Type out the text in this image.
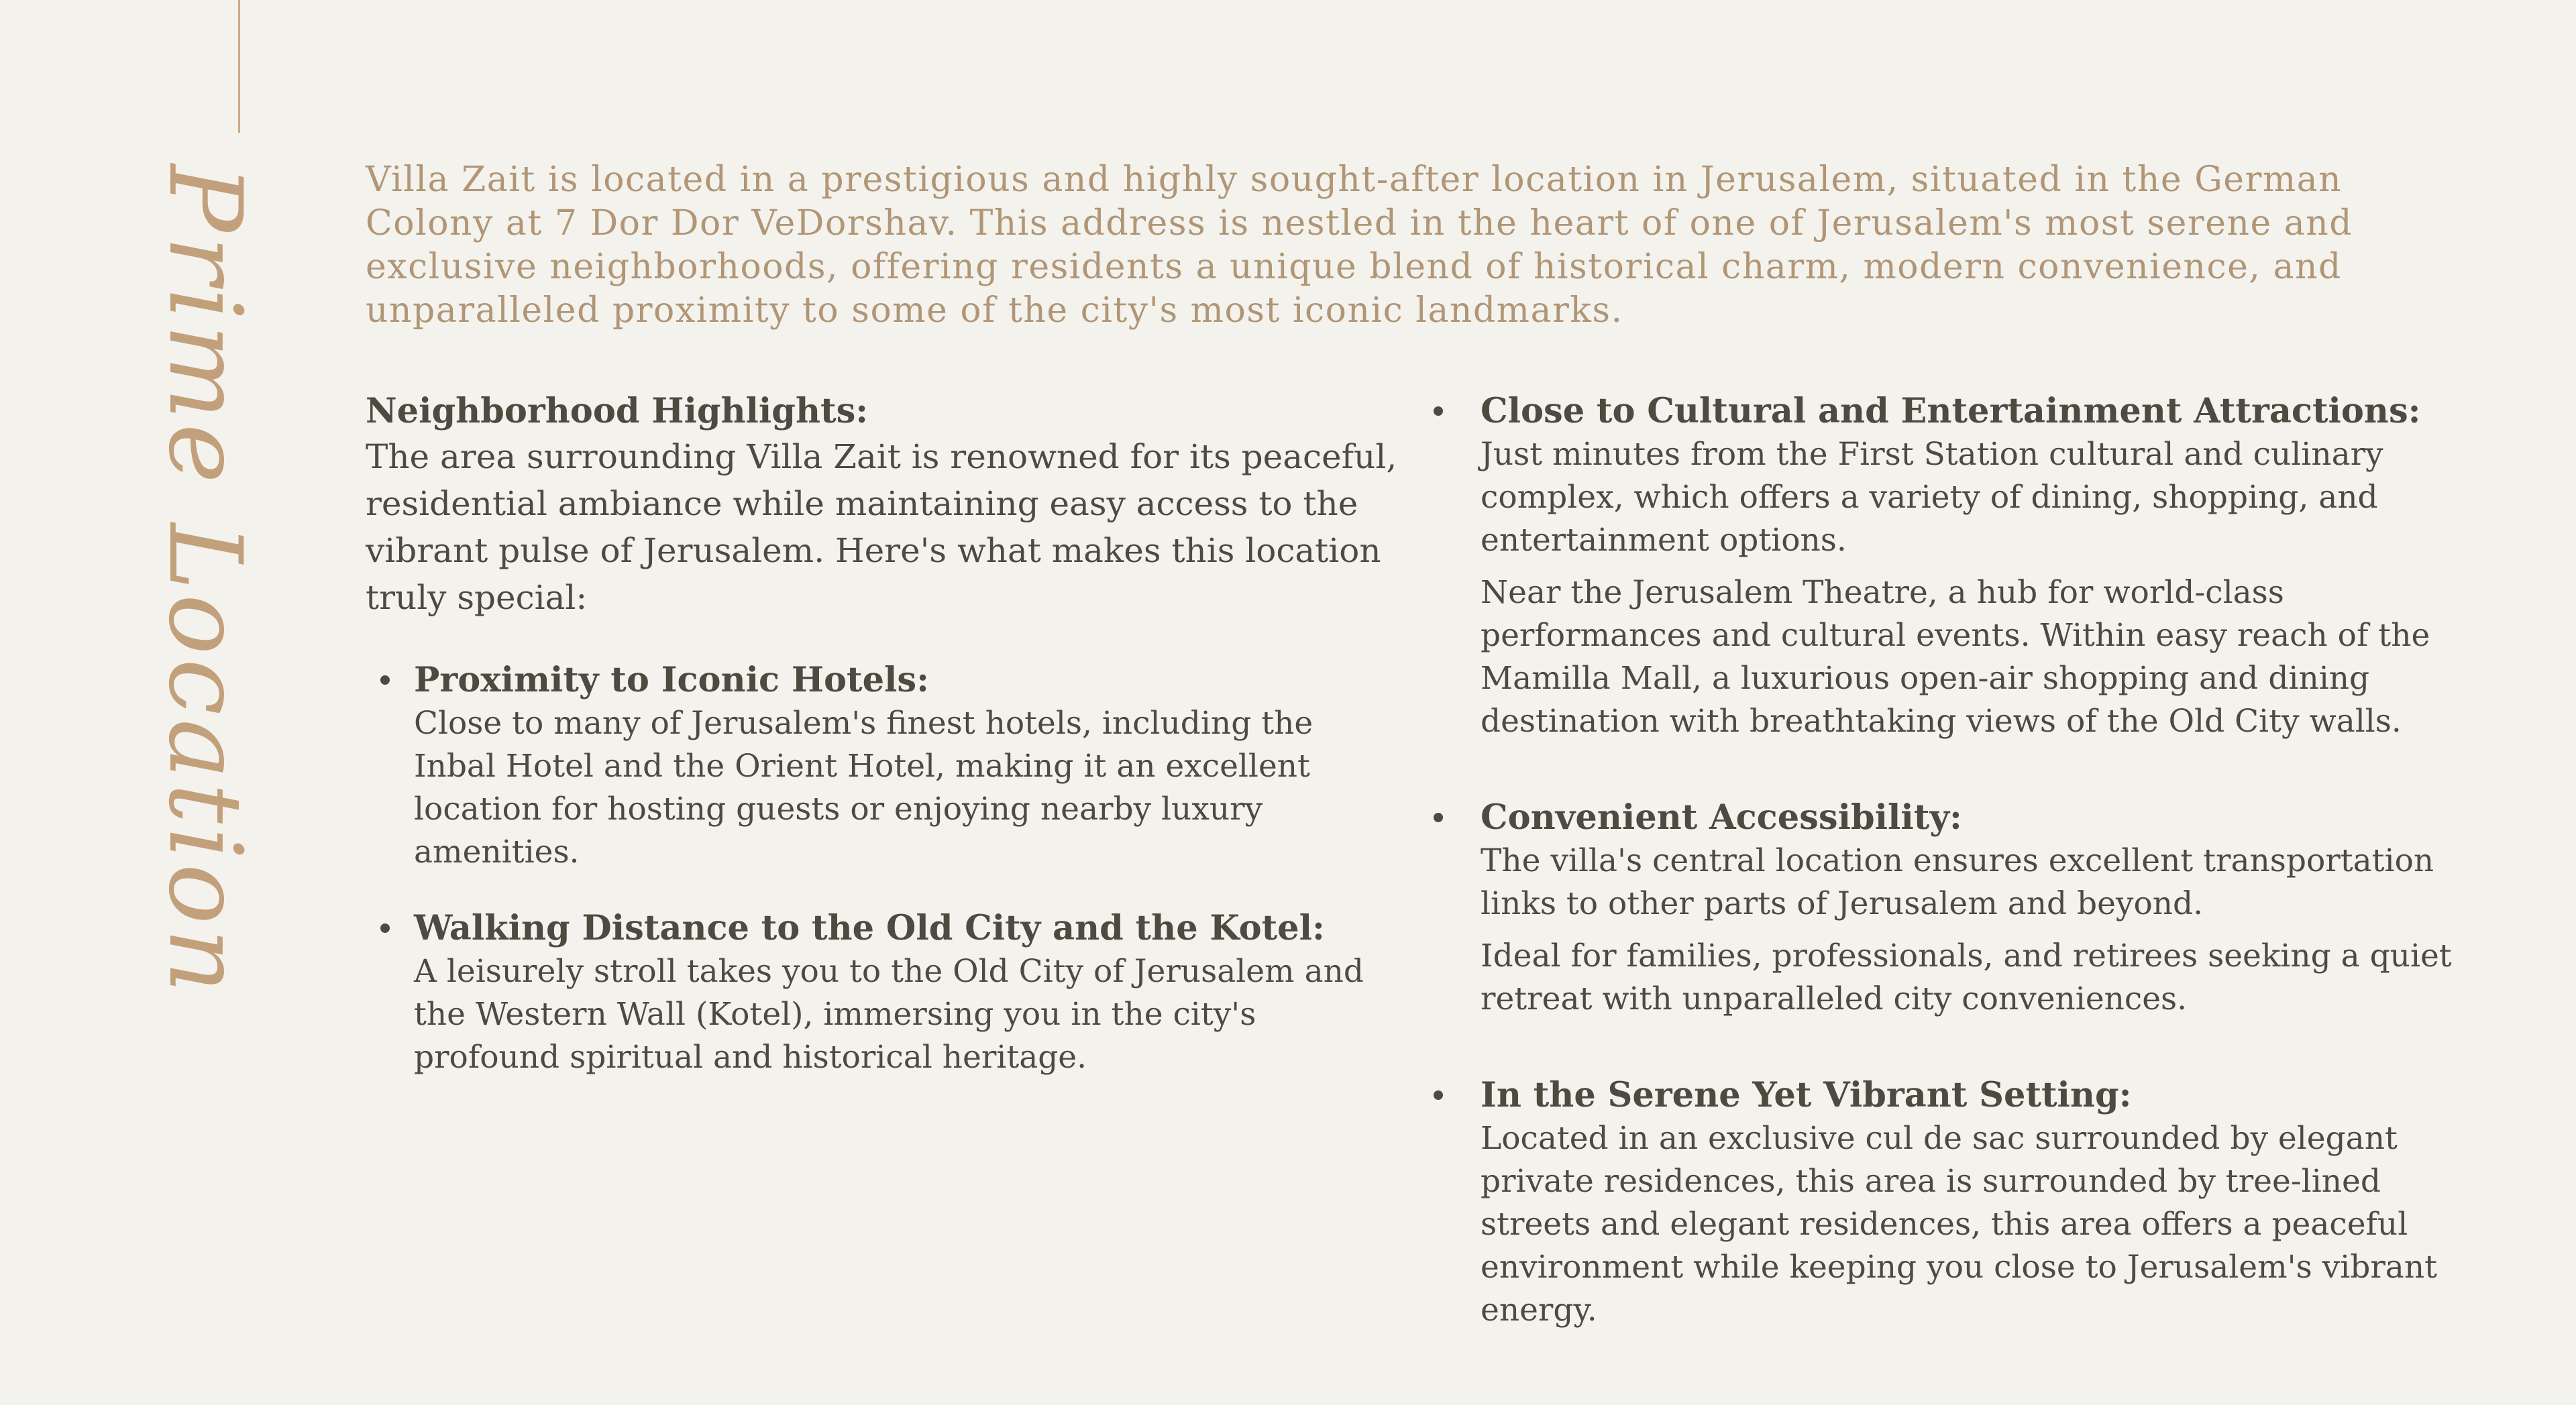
Prime Location	Villa Zait is located in a prestigious and highly sought-after location in Jerusalem, situated in the German Colony at 7 Dor Dor VeDorshav. This address is nestled in the heart of one of Jerusalem's most serene and exclusive neighborhoods, offering residents a unique blend of historical charm, modern convenience, and unparalleled proximity to some of the city's most iconic landmarks.

Neighborhood Highlights:

The area surrounding Villa Zait is renowned for its peaceful, residential ambiance while maintaining easy access to the vibrant pulse of Jerusalem. Here's what makes this location truly special:

Proximity to Iconic Hotels:

Close to many of Jerusalem's finest hotels, including the Inbal Hotel and the Orient Hotel, making it an excellent location for hosting guests or enjoying nearby luxury amenities.

Walking Distance to the Old City and the Kotel:

A leisurely stroll takes you to the Old City of Jerusalem and the Western Wall (Kotel), immersing you in the city's profound spiritual and historical heritage.

Close to Cultural and Entertainment Attractions:

Just minutes from the First Station cultural and culinary complex, which offers a variety of dining, shopping, and entertainment options.

Near the Jerusalem Theatre, a hub for world-class performances and cultural events. Within easy reach of the Mamilla Mall, a luxurious open-air shopping and dining destination with breathtaking views of the Old City walls.

Convenient Accessibility:

The villa's central location ensures excellent transportation links to other parts of Jerusalem and beyond.

Ideal for families, professionals, and retirees seeking a quiet retreat with unparalleled city conveniences.

In the Serene Yet Vibrant Setting:

Located in an exclusive cul de sac surrounded by elegant private residences, this area is surrounded by tree-lined streets and elegant residences, this area offers a peaceful environment while keeping you close to Jerusalem's vibrant energy.
